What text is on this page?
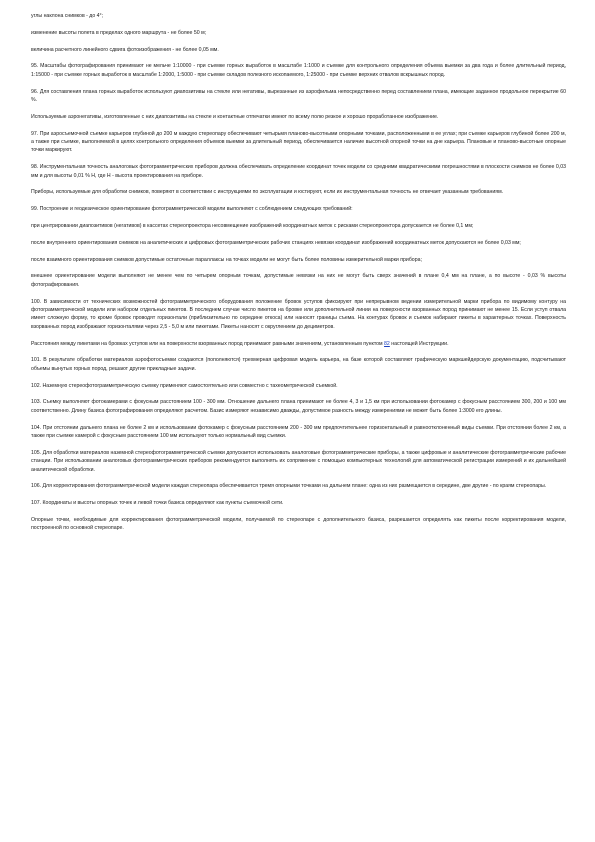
углы наклона снимков - до 4°;

изменение высоты полета в пределах одного маршрута - не более 50 м;

величина расчетного линейного сдвига фотоизображения - не более 0,05 мм.

95. Масштабы фотографирования принимают не мельче 1:10000 - при съемке горных выработок в масштабе 1:1000 и съемке для контрольного определения объема выемки за два года и более длительный период, 1:15000 - при съемке горных выработок в масштабе 1:2000, 1:5000 - при съемке складов полезного ископаемого, 1:25000 - при съемке верхних отвалов вскрышных пород.

96. Для составления плана горных выработок используют диапозитивы на стекле или негативы, вырезанные из аэрофильма непосредственно перед составлением плана, имеющие заданное продольное перекрытие 60 %.

Используемые аэронегативы, изготовленные с них диапозитивы на стекле и контактные отпечатки имеют по всему полю резкое и хорошо проработанное изображение.

97. При аэросъемочной съемке карьеров глубиной до 200 м каждую стереопару обеспечивают четырьмя планово-высотными опорными точками, расположенными в ее углах; при съемке карьеров глубиной более 200 м, а также при съемке, выполняемой в целях контрольного определения объемов выемки за длительный период, обеспечивается наличие высотной опорной точки на дне карьера. Плановые и планово-высотные опорные точки маркируют.

98. Инструментальная точность аналоговых фотограмметрических приборов должна обеспечивать определение координат точек модели со средними квадратическими погрешностями в плоскости снимков не более 0,03 мм и для высоты 0,01 % H, где H - высота проектирования на приборе.

Приборы, используемые для обработки снимков, поверяют в соответствии с инструкциями по эксплуатации и юстируют, если их инструментальная точность не отвечает указанным требованиям.

99. Построение и геодезическое ориентирование фотограмметрической модели выполняют с соблюдением следующих требований:

при центрировании диапозитивов (негативов) в кассетах стереопроектора несовмещение изображений координатных меток с рисками стереопроектора допускается не более 0,1 мм;

после внутреннего ориентирования снимков на аналитических и цифровых фотограмметрических рабочих станциях невязки координат изображений координатных меток допускаются не более 0,03 мм;

после взаимного ориентирования снимков допустимые остаточные параллаксы на точках модели не могут быть более половины измерительной марки прибора;

внешнее ориентирование модели выполняют не менее чем по четырем опорным точкам, допустимые невязки на них не могут быть сверх значений в плане 0,4 мм на плане, а по высоте - 0,03 % высоты фотографирования.

100. В зависимости от технических возможностей фотограмметрического оборудования положение бровок уступов фиксируют при непрерывном ведении измерительной марки прибора по видимому контуру на фотограмметрической модели или набором отдельных пикетов. В последнем случае число пикетов на бровке или дополнительной линии на поверхности взорванных пород принимают не менее 15. Если уступ отвала имеет сложную форму, то кроме бровок проводят горизонтали (приблизительно по середине откоса) или наносят границы съема. На контурах бровок и съемок набирают пикеты в характерных точках. Поверхность взорванных пород изображают горизонталями через 2,5 - 5,0 м или пикетами. Пикеты наносят с округлением до дециметров.

Расстояния между пикетами на бровках уступов или на поверхности взорванных пород принимают равными значениям, установленным пунктом 82 настоящей Инструкции.

101. В результате обработки материалов аэрофотосъемки создаются (пополняются) трехмерная цифровая модель карьера, на базе которой составляют графическую маркшейдерскую документацию, подсчитывают объемы вынутых горных пород, решают другие прикладные задачи.

102. Наземную стереофотограмметрическую съемку применяют самостоятельно или совместно с тахеометрической съемкой.

103. Съемку выполняют фотокамерами с фокусным расстоянием 100 - 300 мм. Отношение дальнего плана принимают не более 4, 3 и 1,5 км при использовании фотокамер с фокусным расстоянием 300, 200 и 100 мм соответственно. Длину базиса фотографирования определяют расчетом. Базис измеряют независимо дважды, допустимое разность между измерениями не может быть более 1:3000 его длины.

104. При отстоянии дальнего плана не более 2 км и использовании фотокамер с фокусным расстоянием 200 - 300 мм предпочтительнее горизонтальный и равноотклоненный виды съемки. При отстоянии более 2 км, а также при съемке камерой с фокусным расстоянием 100 мм используют только нормальный вид съемки.

105. Для обработки материалов наземной стереофотограмметрической съемки допускается использовать аналоговые фотограмметрические приборы, а также цифровые и аналитические фотограмметрические рабочие станции. При использовании аналоговых фотограмметрических приборов рекомендуется выполнять их сопряжение с помощью компьютерных технологий для автоматической регистрации измерений и их дальнейшей аналитической обработки.

106. Для корректирования фотограмметрической модели каждая стереопара обеспечивается тремя опорными точками на дальнем плане: одна из них размещается в середине, две другие - по краям стереопары.

107. Координаты и высоты опорных точек и левой точки базиса определяют как пункты съемочной сети.

Опорные точки, необходимые для корректирования фотограмметрической модели, получаемой по стереопаре с дополнительного базиса, разрешается определять как пикеты после корректирования модели, построенной по основной стереопаре.
